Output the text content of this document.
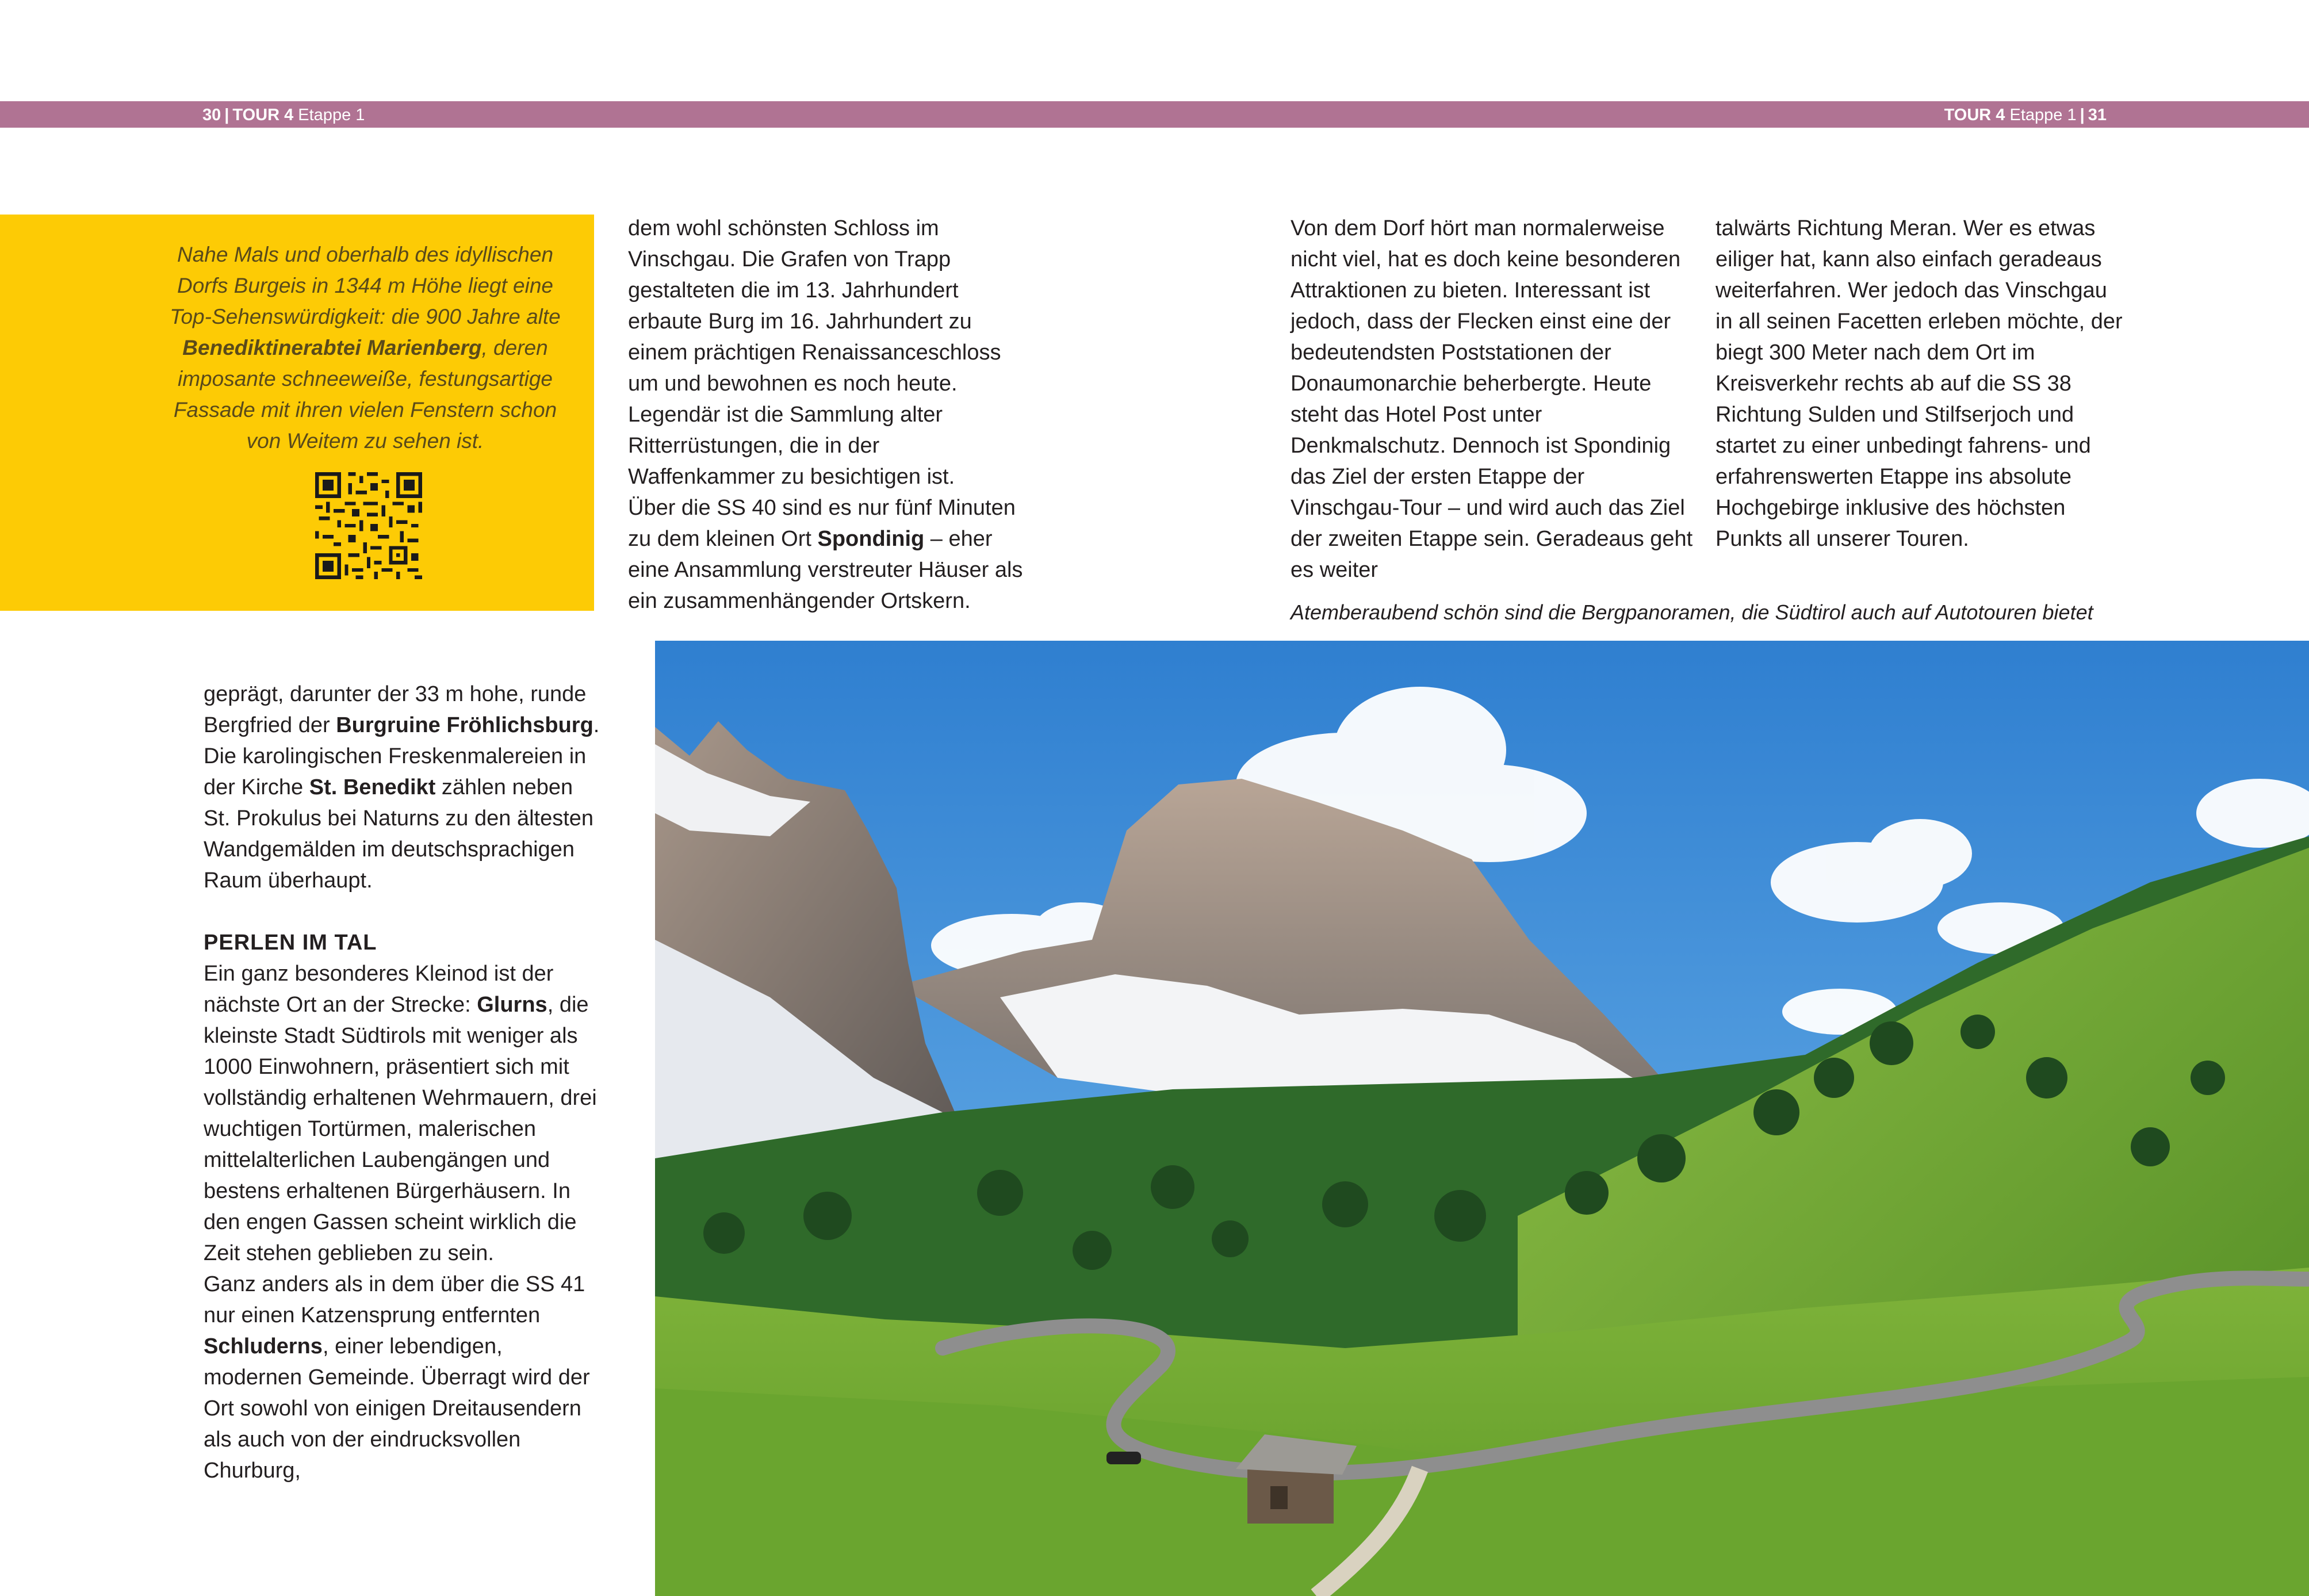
30 | TOUR 4 Etappe 1	TOUR 4 Etappe 1 | 31
Nahe Mals und oberhalb des idyllischen Dorfs Burgeis in 1344 m Höhe liegt eine Top-Sehenswürdigkeit: die 900 Jahre alte Benediktinerabtei Marienberg, deren imposante schneeweiße, festungsartige Fassade mit ihren vielen Fenstern schon von Weitem zu sehen ist.

dem wohl schönsten Schloss im Vinschgau. Die Grafen von Trapp gestalteten die im 13. Jahrhundert erbaute Burg im 16. Jahrhundert zu einem prächtigen Renaissanceschloss um und bewohnen es noch heute. Legendär ist die Sammlung alter Ritterrüstungen, die in der Waffenkammer zu besichtigen ist.

Über die SS 40 sind es nur fünf Minuten zu dem kleinen Ort Spondinig – eher eine Ansammlung verstreuter Häuser als ein zusammenhängender Ortskern.

Von dem Dorf hört man normalerweise nicht viel, hat es doch keine besonderen Attraktionen zu bieten. Interessant ist jedoch, dass der Flecken einst eine der bedeutendsten Poststationen der Donaumonarchie beherbergte. Heute steht das Hotel Post unter Denkmalschutz. Dennoch ist Spondinig das Ziel der ersten Etappe der Vinschgau-Tour – und wird auch das Ziel der zweiten Etappe sein. Geradeaus geht es weiter

talwärts Richtung Meran. Wer es etwas eiliger hat, kann also einfach geradeaus weiterfahren. Wer jedoch das Vinschgau in all seinen Facetten erleben möchte, der biegt 300 Meter nach dem Ort im Kreisverkehr rechts ab auf die SS 38 Richtung Sulden und Stilfserjoch und startet zu einer unbedingt fahrens- und erfahrenswerten Etappe ins absolute Hochgebirge inklusive des höchsten Punkts all unserer Touren.

Atemberaubend schön sind die Bergpanoramen, die Südtirol auch auf Autotouren bietet

geprägt, darunter der 33 m hohe, runde Bergfried der Burgruine Fröhlichsburg. Die karolingischen Freskenmalereien in der Kirche St. Benedikt zählen neben St. Prokulus bei Naturns zu den ältesten Wandgemälden im deutschsprachigen Raum überhaupt.

PERLEN IM TAL

Ein ganz besonderes Kleinod ist der nächste Ort an der Strecke: Glurns, die kleinste Stadt Südtirols mit weniger als 1000 Einwohnern, präsentiert sich mit vollständig erhaltenen Wehrmauern, drei wuchtigen Tortürmen, malerischen mittelalterlichen Laubengängen und bestens erhaltenen Bürgerhäusern. In den engen Gassen scheint wirklich die Zeit stehen geblieben zu sein.

Ganz anders als in dem über die SS 41 nur einen Katzensprung entfernten Schluderns, einer lebendigen, modernen Gemeinde. Überragt wird der Ort sowohl von einigen Dreitausendern als auch von der eindrucksvollen Churburg,
